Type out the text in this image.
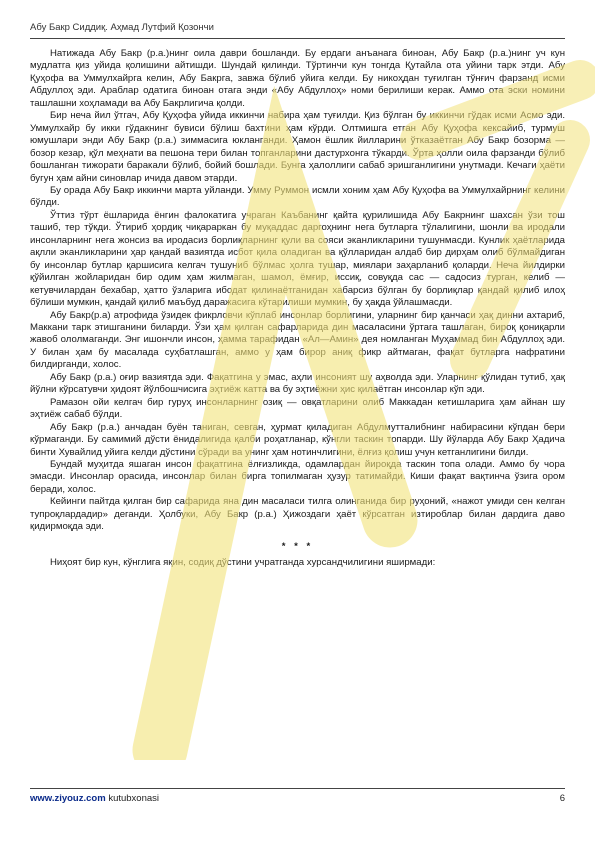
Абу Бакр Сиддиқ. Аҳмад Лутфий Қозончи

Натижада Абу Бакр (р.а.)нинг оила даври бошланди. Бу ердаги анъанага биноан, Абу Бакр (р.а.)нинг уч кун мудлатга қиз уйида қолишини айтишди. Шундай қилинди. Тўртинчи кун тонгда Қутайла ота уйини тарк этди. Абу Қуҳофа ва Уммулхайрга келин, Абу Бакрга, завжа бўлиб уйига келди. Бу никоҳдан туғилган тўнғич фарзанд исми Абдуллоҳ эди. Араблар одатига биноан отага энди «Абу Абдуллоҳ» номи берилиши керак. Аммо ота эски номини ташлашни хоҳламади ва Абу Бакрлигича қолди.

Бир неча йил ўтгач, Абу Қуҳофа уйида иккинчи набира ҳам туғилди. Қиз бўлган бу иккинчи гўдак исми Асмо эди. Уммулхайр бу икки гўдакнинг бувиси бўлиш бахтини ҳам кўрди. Олтмишга етган Абу Қуҳофа кексайиб, турмуш юмушлари энди Абу Бакр (р.а.) зиммасига юкланганди. Ҳамон ёшлик йилларини ўтказаётган Абу Бакр бозорма —бозор кезар, қўл меҳнати ва пешона тери билан топганларини дастурхонга тўкарди. Ўрта ҳолли оила фарзанди бўлиб бошланган тижорати баракали бўлиб, бойий бошлади. Бунга ҳалоллиги сабаб эришганлигини унутмади. Кечаги ҳаёти бугун ҳам айни синовлар ичида давом этарди.

Бу орада Абу Бакр иккинчи марта уйланди. Умму Руммон исмли хоним ҳам Абу Қуҳофа ва Уммулхайрнинг келини бўлди.

Ўттиз тўрт ёшларида ёнгин фалокатига учраган Каъбанинг қайта қурилишида Абу Бакрнинг шахсан ўзи тош ташиб, тер тўкди. Ўтириб ҳордиқ чиқараркан бу муқаддас даргоҳнинг нега бутларга тўлалигини, шонли ва иродали инсонларнинг нега жонсиз ва иродасиз борлиқларнинг қули ва сояси эканликларини тушунмасди. Кунлик ҳаётларида ақлли эканликларини ҳар қандай вазиятда исбот қила оладиган ва қўлларидан алдаб бир дирҳам олиб бўлмайдиган бу инсонлар бутлар қаршисига келгач тушуниб бўлмас ҳолга тушар, миялари заҳарланиб қоларди. Неча йилдирки қўйилган жойларидан бир одим ҳам жилмаган, шамол, ёмғир, иссиқ, совуқда сас — садосиз турган, келиб — кетувчилардан бехабар, ҳатто ўзларига ибодат қилинаётганидан хабарсиз бўлган бу борлиқлар қандай қилиб илоҳ бўлиши мумкин, қандай қилиб маъбуд даражасига кўтарилиши мумкин, бу ҳақда ўйлашмасди.

Абу Бакр(р.а) атрофида ўзидек фикрловчи кўплаб инсонлар борлигини, уларнинг бир қанчаси ҳақ динни ахтариб, Маккани тарк этишганини биларди. Ўзи ҳам қилган сафарларида дин масаласини ўртага ташлаган, бироқ қониқарли жавоб ололмаганди. Энг ишончли инсон, ҳамма тарафидан «Ал—Амин» дея номланган Муҳаммад бин Абдуллоҳ эди. У билан ҳам бу масалада суҳбатлашган, аммо у ҳам бирор аниқ фикр айтмаган, фақат бутларга нафратини билдирганди, холос.

Абу Бакр (р.а.) оғир вазиятда эди. Фақатгина у эмас, аҳли инсоният шу аҳволда эди. Уларнинг қўлидан тутиб, ҳақ йўлни кўрсатувчи ҳидоят йўлбошчисига эҳтиёж катта ва бу эҳтиёжни ҳис қилаётган инсонлар кўп эди.

Рамазон ойи келгач бир гуруҳ инсонларнинг озиқ — овқатларини олиб Маккадан кетишларига ҳам айнан шу эҳтиёж сабаб бўлди.

Абу Бакр (р.а.) анчадан буён таниган, севган, ҳурмат қиладиган Абдулмутталибнинг набирасини кўпдан бери кўрмаганди. Бу самимий дўсти ёнидалигида қалби роҳатланар, кўнгли таскин топарди. Шу йўларда Абу Бакр Ҳадича бинти Хувайлид уйига келди дўстини сўради ва унинг ҳам нотинчлигини, ёлғиз қолиш учун кетганлигини билди.

Бундай муҳитда яшаган инсон фақатгина ёлғизликда, одамлардан йироқда таскин топа олади. Аммо бу чора эмасди. Инсонлар орасида, инсонлар билан бирга топилмаган ҳузур татимайди. Киши фақат вақтинча ўзига ором беради, холос.

Кейинги пайтда қилган бир сафарида яна дин масаласи тилга олинганида бир руҳоний, «нажот умиди сен келган тупроқлардадир» деганди. Ҳолбуки, Абу Бакр (р.а.) Ҳижоздаги ҳаёт кўрсатган изтироблар билан дардига даво қидирмоқда эди.

* * *

Ниҳоят бир кун, кўнглига яқин, содиқ дўстини учратганда хурсандчилигини яширмади:

www.ziyouz.com kutubxonasi	6
